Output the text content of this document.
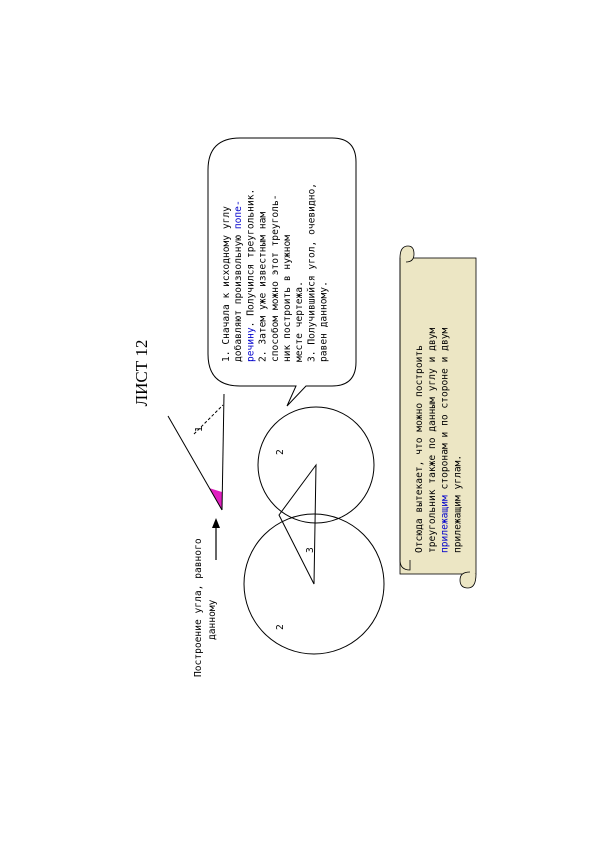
ЛИСТ 12
Построение угла, равного данному
1
2
2
3
1. Сначала к исходному углудобавляют произвольную попе-речину. Получился треугольник.2. Затем уже известным намспособом можно этот треуголь-ник построить в нужномместе чертежа.3. Получившийся угол, очевидно,равен данному.
Отсюда вытекает, что можно построить треугольник также по данным углу и двум прилежащим сторонам и по стороне и двумприлежащим углам.
